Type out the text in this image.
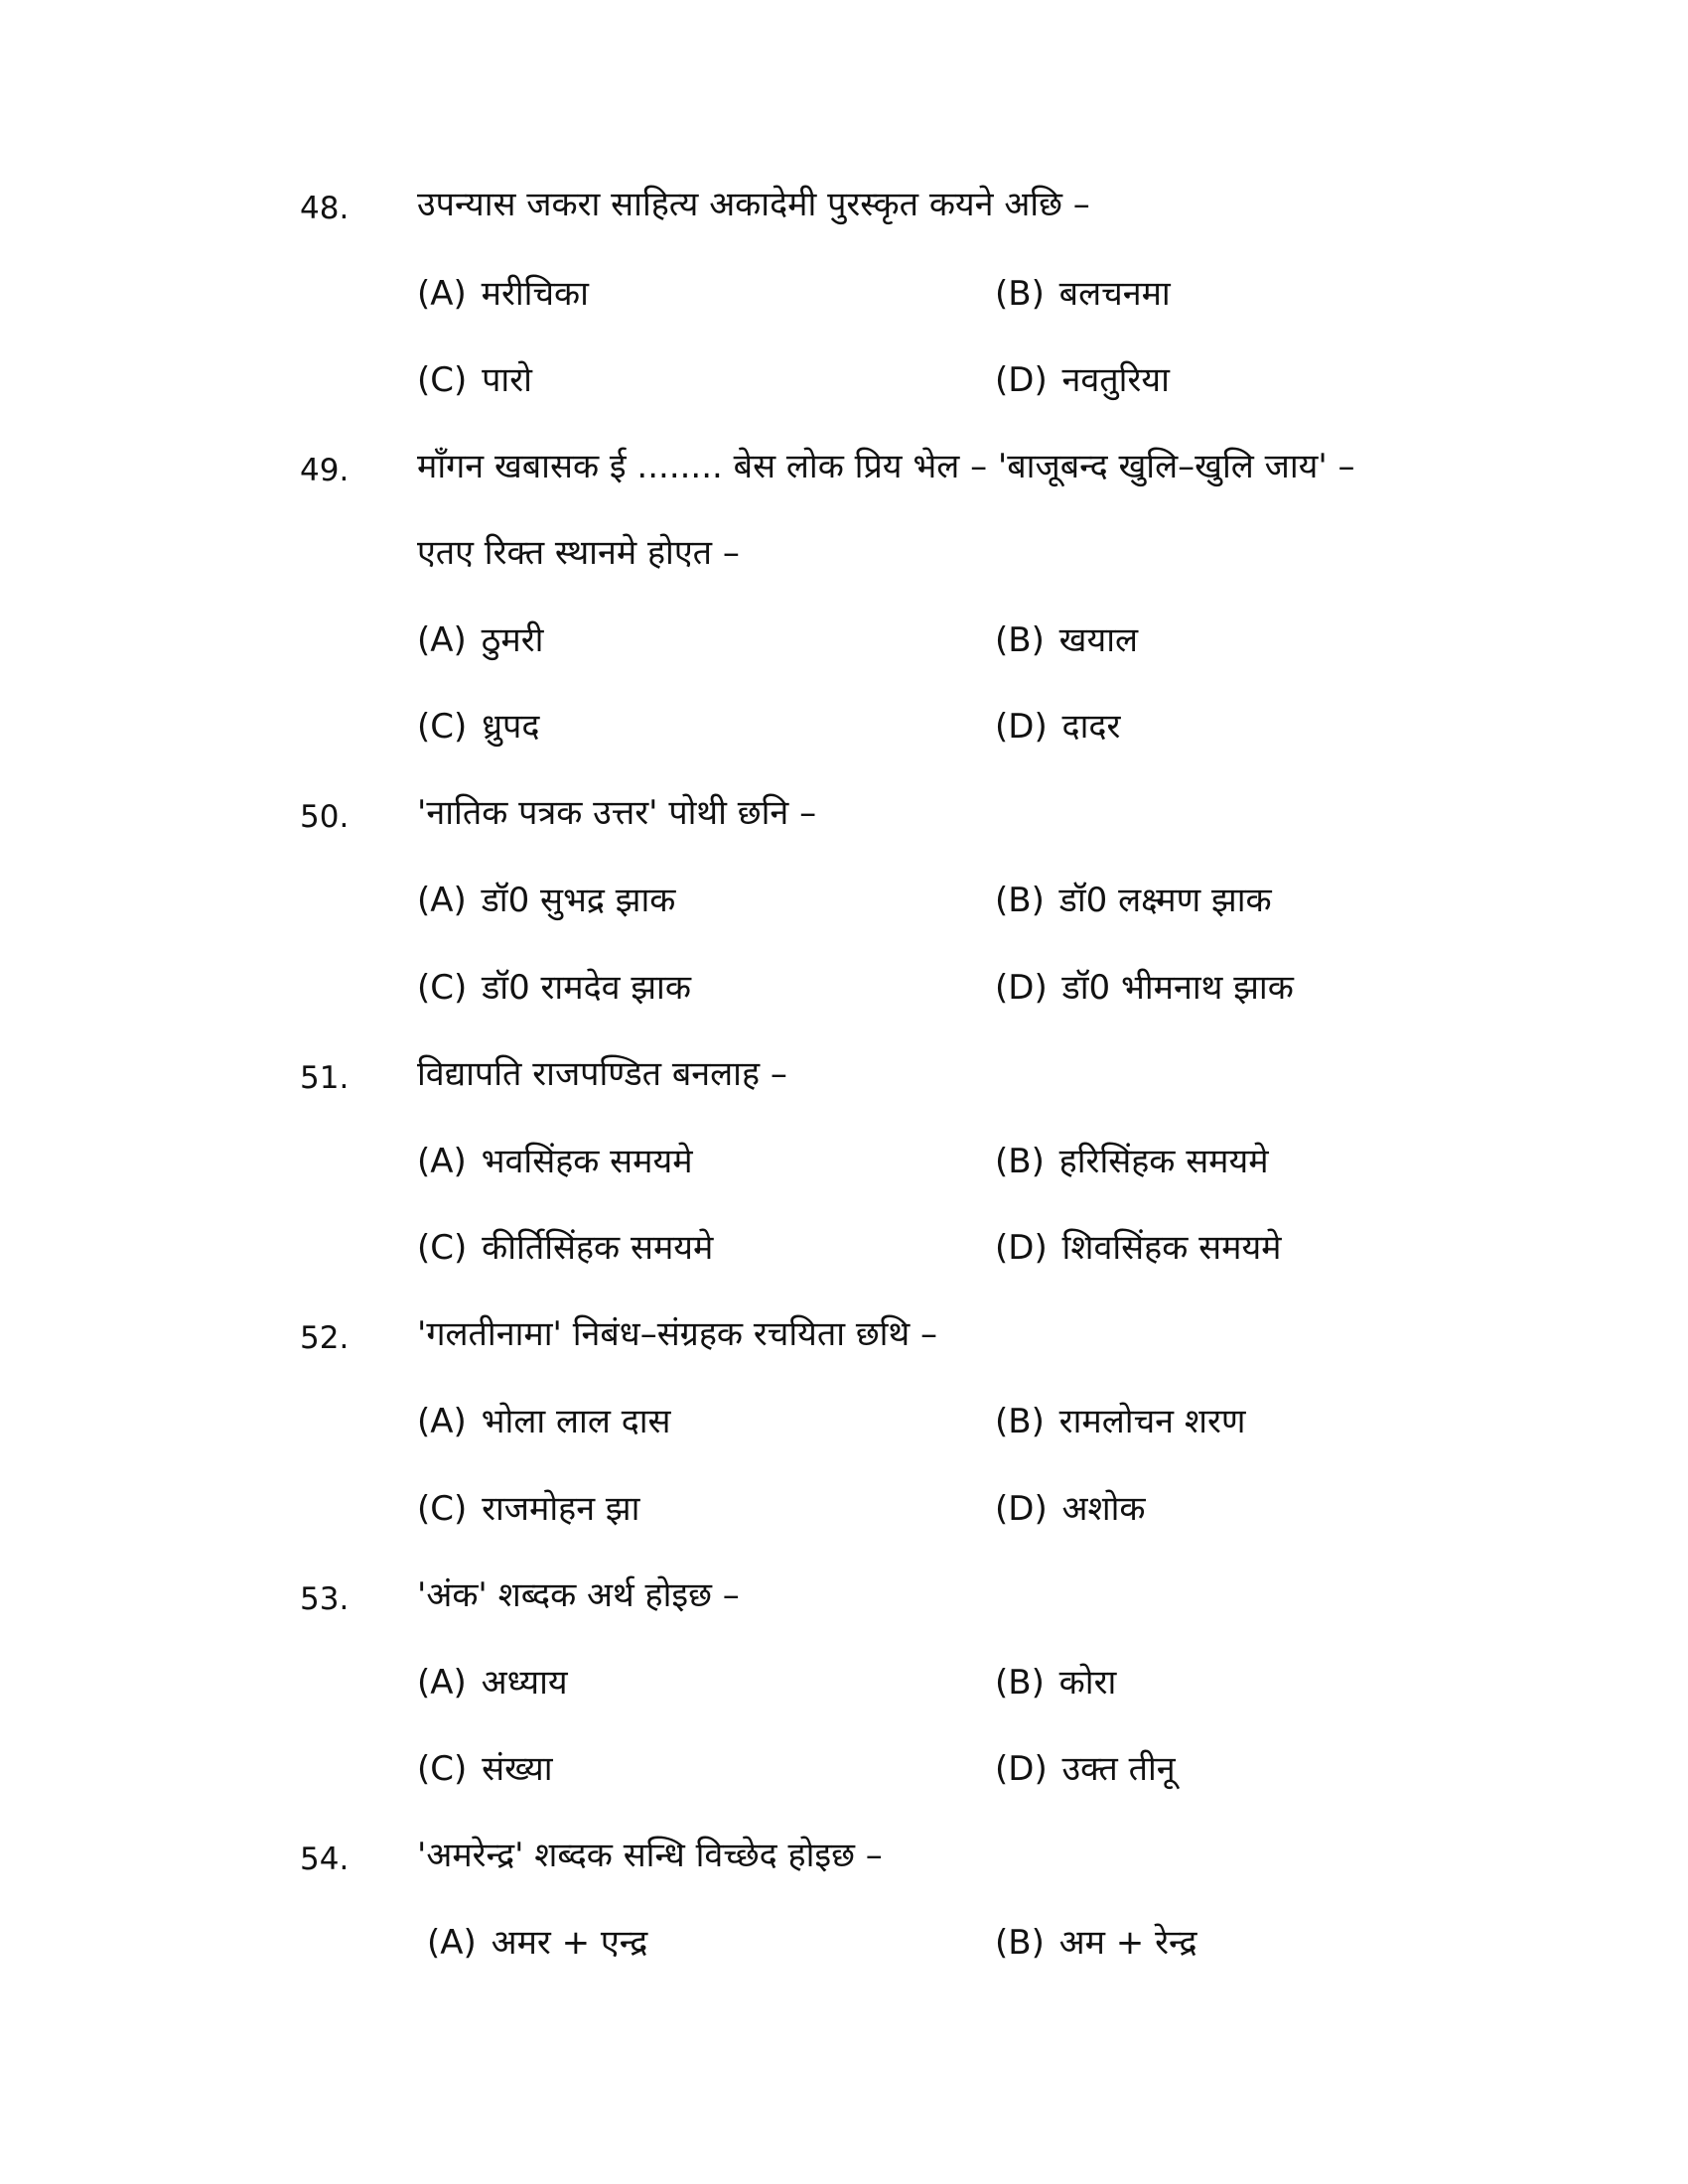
48. उपन्यास जकरा साहित्य अकादेमी पुरस्कृत कयने अछि –
(A) मरीचिका	(B) बलचनमा
(C) पारो	(D) नवतुरिया
49. माँगन खबासक ई ........ बेस लोक प्रिय भेल – 'बाजूबन्द खुलि–खुलि जाय' –
एतए रिक्त स्थानमे होएत –
(A) ठुमरी	(B) खयाल
(C) ध्रुपद	(D) दादर
50. 'नातिक पत्रक उत्तर' पोथी छनि –
(A) डॉ0 सुभद्र झाक	(B) डॉ0 लक्ष्मण झाक
(C) डॉ0 रामदेव झाक	(D) डॉ0 भीमनाथ झाक
51. विद्यापति राजपण्डित बनलाह –
(A) भवसिंहक समयमे	(B) हरिसिंहक समयमे
(C) कीर्तिसिंहक समयमे	(D) शिवसिंहक समयमे
52. 'गलतीनामा' निबंध–संग्रहक रचयिता छथि –
(A) भोला लाल दास	(B) रामलोचन शरण
(C) राजमोहन झा	(D) अशोक
53. 'अंक' शब्दक अर्थ होइछ –
(A) अध्याय	(B) कोरा
(C) संख्या	(D) उक्त तीनू
54. 'अमरेन्द्र' शब्दक सन्धि विच्छेद होइछ –
(A) अमर + एन्द्र	(B) अम + रेन्द्र
